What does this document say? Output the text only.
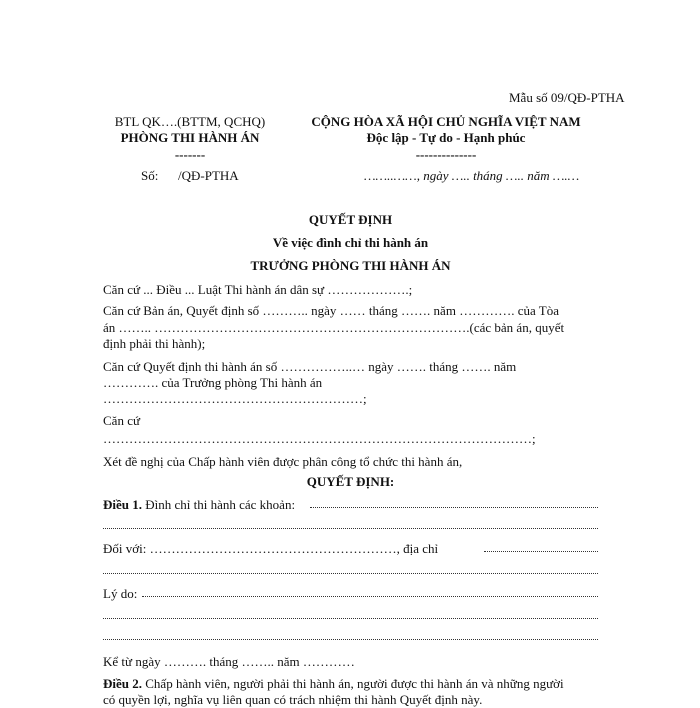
Mẫu số 09/QĐ-PTHA
BTL QK….(BTTM, QCHQ)
PHÒNG THI HÀNH ÁN
-------
Số: /QĐ-PTHA
CỘNG HÒA XÃ HỘI CHỦ NGHĨA VIỆT NAM
Độc lập - Tự do - Hạnh phúc
--------------
……..……, ngày ….. tháng ….. năm ….…
QUYẾT ĐỊNH
Về việc đình chỉ thi hành án
TRƯỞNG PHÒNG THI HÀNH ÁN
Căn cứ ... Điều ... Luật Thi hành án dân sự ……………….;
Căn cứ Bản án, Quyết định số ……….. ngày …… tháng ……. năm …………. của Tòa
án …….. ……………………………………………………………….(các bản án, quyết
định phải thi hành);
Căn cứ Quyết định thi hành án số ……………..… ngày ……. tháng ……. năm
…………. của Trưởng phòng Thi hành án
……………………………………………………;
Căn cứ
………………………………………………………………………………………;
Xét đề nghị của Chấp hành viên được phân công tổ chức thi hành án,
QUYẾT ĐỊNH:
Điều 1. Đình chỉ thi hành các khoản:
Đối với: …………………………………………………, địa chỉ
Lý do:
Kể từ ngày ………. tháng …….. năm …………
Điều 2. Chấp hành viên, người phải thi hành án, người được thi hành án và những người
có quyền lợi, nghĩa vụ liên quan có trách nhiệm thi hành Quyết định này.
